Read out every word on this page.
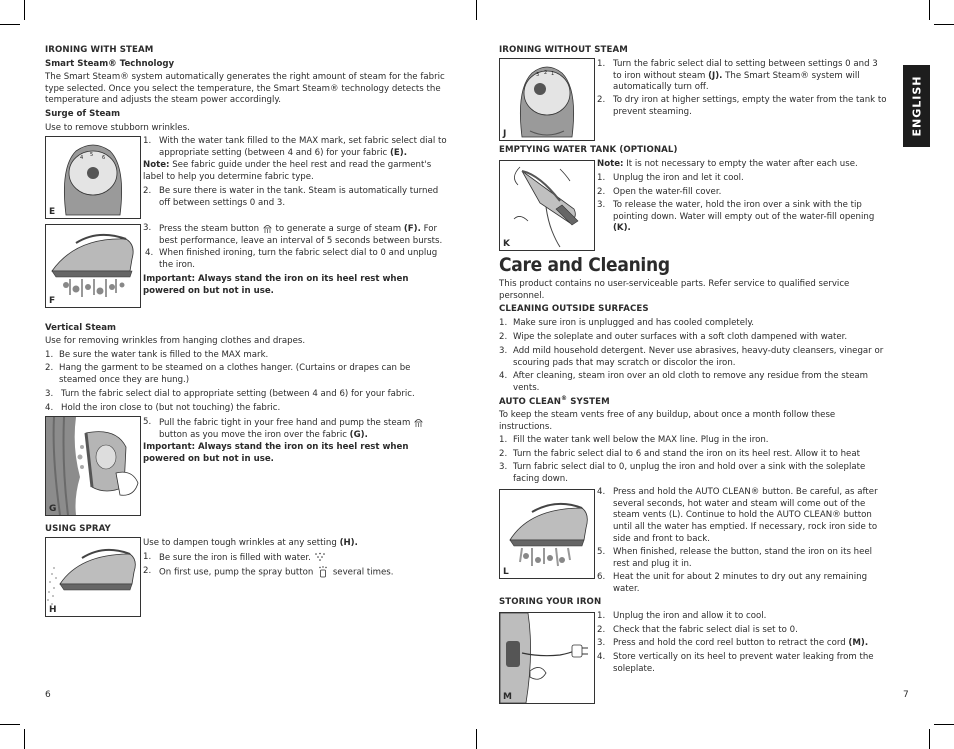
IRONING WITH STEAM
Smart Steam® Technology
The Smart Steam® system automatically generates the right amount of steam for the fabric type selected. Once you select the temperature, the Smart Steam® technology detects the temperature and adjusts the steam power accordingly.
Surge of Steam
Use to remove stubborn wrinkles.
4 5 6
E
1. With the water tank filled to the MAX mark, set fabric select dial to appropriate setting (between 4 and 6) for your fabric (E).
Note: See fabric guide under the heel rest and read the garment's label to help you determine fabric type.
2. Be sure there is water in the tank. Steam is automatically turned off between settings 0 and 3.
F
3. Press the steam button to generate a surge of steam (F). For best performance, leave an interval of 5 seconds between bursts.
4. When finished ironing, turn the fabric select dial to 0 and unplug the iron.
Important: Always stand the iron on its heel rest when powered on but not in use.
Vertical Steam
Use for removing wrinkles from hanging clothes and drapes.
1. Be sure the water tank is filled to the MAX mark.
2. Hang the garment to be steamed on a clothes hanger. (Curtains or drapes can be steamed once they are hung.)
3. Turn the fabric select dial to appropriate setting (between 4 and 6) for your fabric.
4. Hold the iron close to (but not touching) the fabric.
G
5. Pull the fabric tight in your free hand and pump the steam  button as you move the iron over the fabric (G).
Important: Always stand the iron on its heel rest when powered on but not in use.
USING SPRAY
H
Use to dampen tough wrinkles at any setting (H).
1. Be sure the iron is filled with water.
2. On first use, pump the spray button several times.
6
IRONING WITHOUT STEAM
3 2 1
J
1. Turn the fabric select dial to setting between settings 0 and 3 to iron without steam (J). The Smart Steam® system will automatically turn off.
2. To dry iron at higher settings, empty the water from the tank to prevent steaming.
EMPTYING WATER TANK (OPTIONAL)
K
Note: It is not necessary to empty the water after each use.
1. Unplug the iron and let it cool.
2. Open the water-fill cover.
3. To release the water, hold the iron over a sink with the tip pointing down. Water will empty out of the water-fill opening (K).
Care and Cleaning
This product contains no user-serviceable parts. Refer service to qualified service personnel.
CLEANING OUTSIDE SURFACES
1. Make sure iron is unplugged and has cooled completely.
2. Wipe the soleplate and outer surfaces with a soft cloth dampened with water.
3. Add mild household detergent. Never use abrasives, heavy-duty cleansers, vinegar or scouring pads that may scratch or discolor the iron.
4. After cleaning, steam iron over an old cloth to remove any residue from the steam vents.
AUTO CLEAN® SYSTEM
To keep the steam vents free of any buildup, about once a month follow these instructions.
1. Fill the water tank well below the MAX line. Plug in the iron.
2. Turn the fabric select dial to 6 and stand the iron on its heel rest. Allow it to heat
3. Turn fabric select dial to 0, unplug the iron and hold over a sink with the soleplate facing down.
L
4. Press and hold the AUTO CLEAN® button. Be careful, as after several seconds, hot water and steam will come out of the steam vents (L). Continue to hold the AUTO CLEAN® button until all the water has emptied. If necessary, rock iron side to side and front to back.
5. When finished, release the button, stand the iron on its heel rest and plug it in.
6. Heat the unit for about 2 minutes to dry out any remaining water.
STORING YOUR IRON
M
1. Unplug the iron and allow it to cool.
2. Check that the fabric select dial is set to 0.
3. Press and hold the cord reel button to retract the cord (M).
4. Store vertically on its heel to prevent water leaking from the soleplate.
ENGLISH
7
